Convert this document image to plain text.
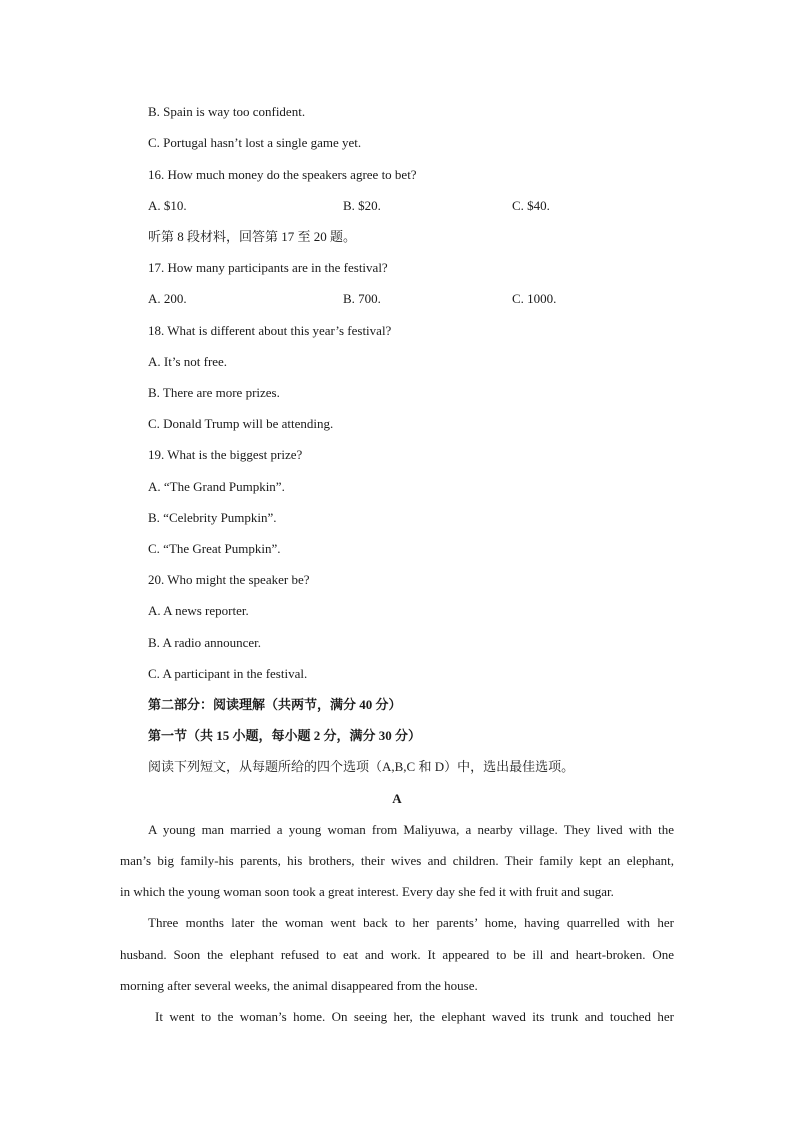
B. Spain is way too confident.
C. Portugal hasn’t lost a single game yet.
16. How much money do the speakers agree to bet?
A. $10.	B. $20.	C. $40.
听第 8 段材料，回答第 17 至 20 题。
17. How many participants are in the festival?
A. 200.	B. 700.	C. 1000.
18. What is different about this year’s festival?
A. It’s not free.
B. There are more prizes.
C. Donald Trump will be attending.
19. What is the biggest prize?
A. “The Grand Pumpkin”.
B. “Celebrity Pumpkin”.
C. “The Great Pumpkin”.
20. Who might the speaker be?
A. A news reporter.
B. A radio announcer.
C. A participant in the festival.
第二部分：阅读理解（共两节，满分 40 分）
第一节（共 15 小题，每小题 2 分，满分 30 分）
阅读下列短文，从每题所给的四个选项（A,B,C 和 D）中，选出最佳选项。
A
A young man married a young woman from Maliyuwa, a nearby village. They lived with the
man’s big family-his parents, his brothers, their wives and children. Their family kept an elephant,
in which the young woman soon took a great interest. Every day she fed it with fruit and sugar.
Three months later the woman went back to her parents’ home, having quarrelled with her
husband. Soon the elephant refused to eat and work. It appeared to be ill and heart-broken. One
morning after several weeks, the animal disappeared from the house.
It went to the woman’s home. On seeing her, the elephant waved its trunk and touched her
